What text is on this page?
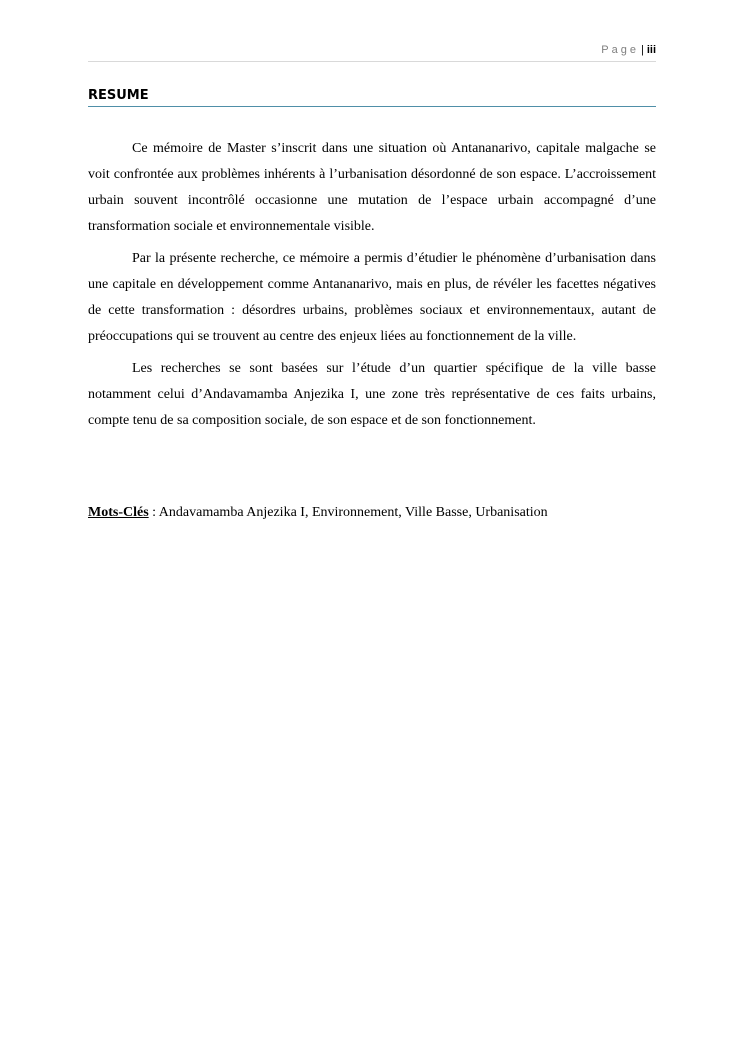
Page | iii
RESUME

Ce mémoire de Master s’inscrit dans une situation où Antananarivo, capitale malgache se voit confrontée aux problèmes inhérents à l’urbanisation désordonné de son espace. L’accroissement urbain souvent incontrôlé occasionne une mutation de l’espace urbain accompagné d’une transformation sociale et environnementale visible.

Par la présente recherche, ce mémoire a permis d’étudier le phénomène d’urbanisation dans une capitale en développement comme Antananarivo, mais en plus, de révéler les facettes négatives de cette transformation : désordres urbains, problèmes sociaux et environnementaux, autant de préoccupations qui se trouvent au centre des enjeux liées au fonctionnement de la ville.

Les recherches se sont basées sur l’étude d’un quartier spécifique de la ville basse notamment celui d’Andavamamba Anjezika I, une zone très représentative de ces faits urbains, compte tenu de sa composition sociale, de son espace et de son fonctionnement.

Mots-Clés : Andavamamba Anjezika I, Environnement, Ville Basse, Urbanisation
